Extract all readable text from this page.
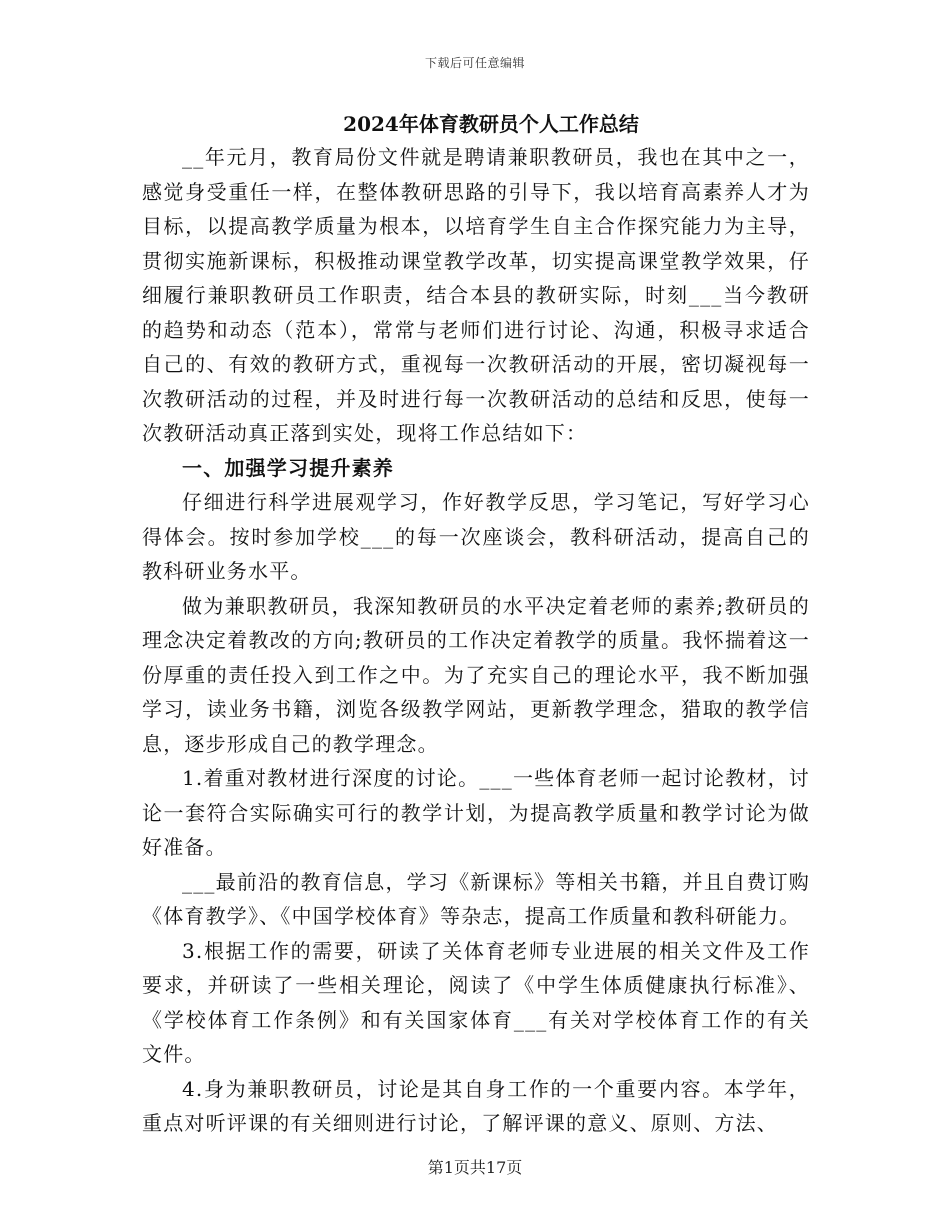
下载后可任意编辑
2024年体育教研员个人工作总结

__年元月，教育局份文件就是聘请兼职教研员，我也在其中之一，感觉身受重任一样，在整体教研思路的引导下，我以培育高素养人才为目标，以提高教学质量为根本，以培育学生自主合作探究能力为主导，贯彻实施新课标，积极推动课堂教学改革，切实提高课堂教学效果，仔细履行兼职教研员工作职责，结合本县的教研实际，时刻___当今教研的趋势和动态（范本），常常与老师们进行讨论、沟通，积极寻求适合自己的、有效的教研方式，重视每一次教研活动的开展，密切凝视每一次教研活动的过程，并及时进行每一次教研活动的总结和反思，使每一次教研活动真正落到实处，现将工作总结如下：

一、加强学习提升素养

仔细进行科学进展观学习，作好教学反思，学习笔记，写好学习心得体会。按时参加学校___的每一次座谈会，教科研活动，提高自己的教科研业务水平。

做为兼职教研员，我深知教研员的水平决定着老师的素养;教研员的理念决定着教改的方向;教研员的工作决定着教学的质量。我怀揣着这一份厚重的责任投入到工作之中。为了充实自己的理论水平，我不断加强学习，读业务书籍，浏览各级教学网站，更新教学理念，猎取的教学信息，逐步形成自己的教学理念。

1.着重对教材进行深度的讨论。___一些体育老师一起讨论教材，讨论一套符合实际确实可行的教学计划，为提高教学质量和教学讨论为做好准备。

___最前沿的教育信息，学习《新课标》等相关书籍，并且自费订购《体育教学》、《中国学校体育》等杂志，提高工作质量和教科研能力。

3.根据工作的需要，研读了关体育老师专业进展的相关文件及工作要求，并研读了一些相关理论，阅读了《中学生体质健康执行标准》、《学校体育工作条例》和有关国家体育___有关对学校体育工作的有关文件。

4.身为兼职教研员，讨论是其自身工作的一个重要内容。本学年，重点对听评课的有关细则进行讨论，了解评课的意义、原则、方法、

第1页共17页
